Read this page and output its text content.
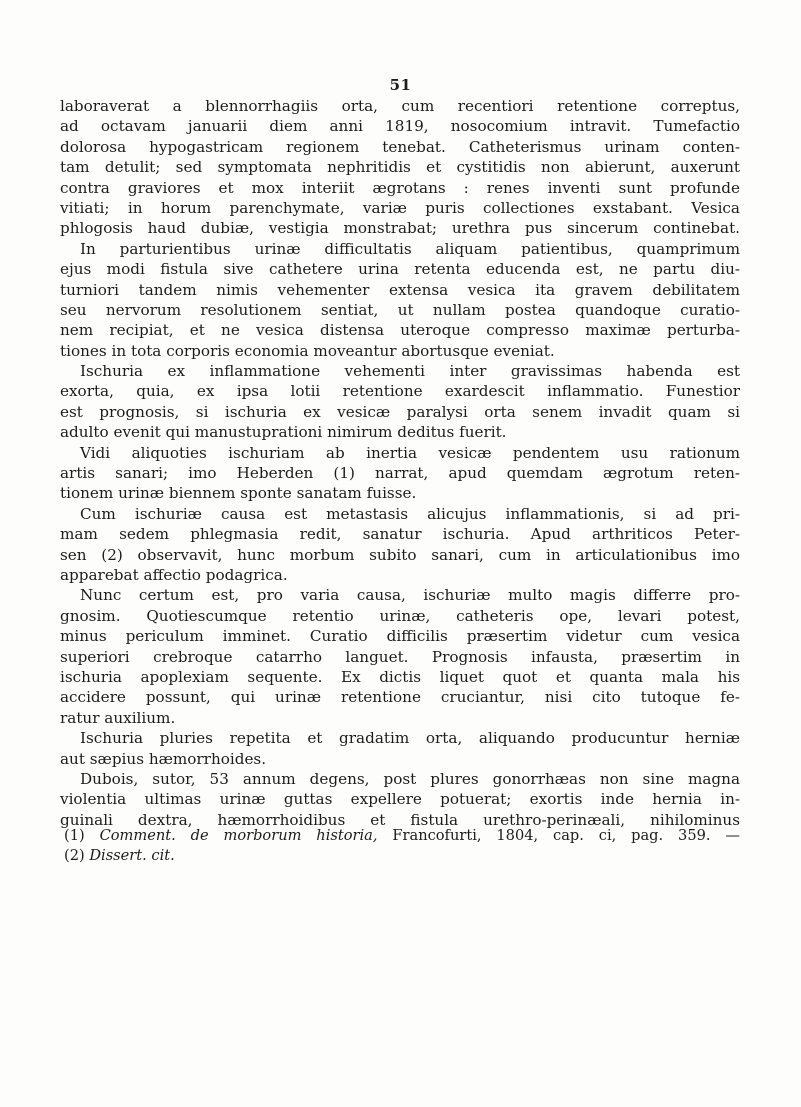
51
laboraverat a blennorrhagiis orta, cum recentiori retentione correptus,
ad octavam januarii diem anni 1819, nosocomium intravit. Tumefactio
dolorosa hypogastricam regionem tenebat. Catheterismus urinam conten-
tam detulit; sed symptomata nephritidis et cystitidis non abierunt, auxerunt
contra graviores et mox interiit ægrotans : renes inventi sunt profunde
vitiati; in horum parenchymate, variæ puris collectiones exstabant. Vesica
phlogosis haud dubiæ, vestigia monstrabat; urethra pus sincerum continebat.
In parturientibus urinæ difficultatis aliquam patientibus, quamprimum
ejus modi fistula sive cathetere urina retenta educenda est, ne partu diu-
turniori tandem nimis vehementer extensa vesica ita gravem debilitatem
seu nervorum resolutionem sentiat, ut nullam postea quandoque curatio-
nem recipiat, et ne vesica distensa uteroque compresso maximæ perturba-
tiones in tota corporis economia moveantur abortusque eveniat.
Ischuria ex inflammatione vehementi inter gravissimas habenda est
exorta, quia, ex ipsa lotii retentione exardescit inflammatio. Funestior
est prognosis, si ischuria ex vesicæ paralysi orta senem invadit quam si
adulto evenit qui manustuprationi nimirum deditus fuerit.
Vidi aliquoties ischuriam ab inertia vesicæ pendentem usu rationum
artis sanari; imo Heberden (1) narrat, apud quemdam ægrotum reten-
tionem urinæ biennem sponte sanatam fuisse.
Cum ischuriæ causa est metastasis alicujus inflammationis, si ad pri-
mam sedem phlegmasia redit, sanatur ischuria. Apud arthriticos Peter-
sen (2) observavit, hunc morbum subito sanari, cum in articulationibus imo
apparebat affectio podagrica.
Nunc certum est, pro varia causa, ischuriæ multo magis differre pro-
gnosim. Quotiescumque retentio urinæ, catheteris ope, levari potest,
minus periculum imminet. Curatio difficilis præsertim videtur cum vesica
superiori crebroque catarrho languet. Prognosis infausta, præsertim in
ischuria apoplexiam sequente. Ex dictis liquet quot et quanta mala his
accidere possunt, qui urinæ retentione cruciantur, nisi cito tutoque fe-
ratur auxilium.
Ischuria pluries repetita et gradatim orta, aliquando producuntur herniæ
aut sæpius hæmorrhoides.
Dubois, sutor, 53 annum degens, post plures gonorrhæas non sine magna
violentia ultimas urinæ guttas expellere potuerat; exortis inde hernia in-
guinali dextra, hæmorrhoidibus et fistula urethro-perinæali, nihilominus
(1) Comment. de morborum historia, Francofurti, 1804, cap. ci, pag. 359. —
(2) Dissert. cit.
